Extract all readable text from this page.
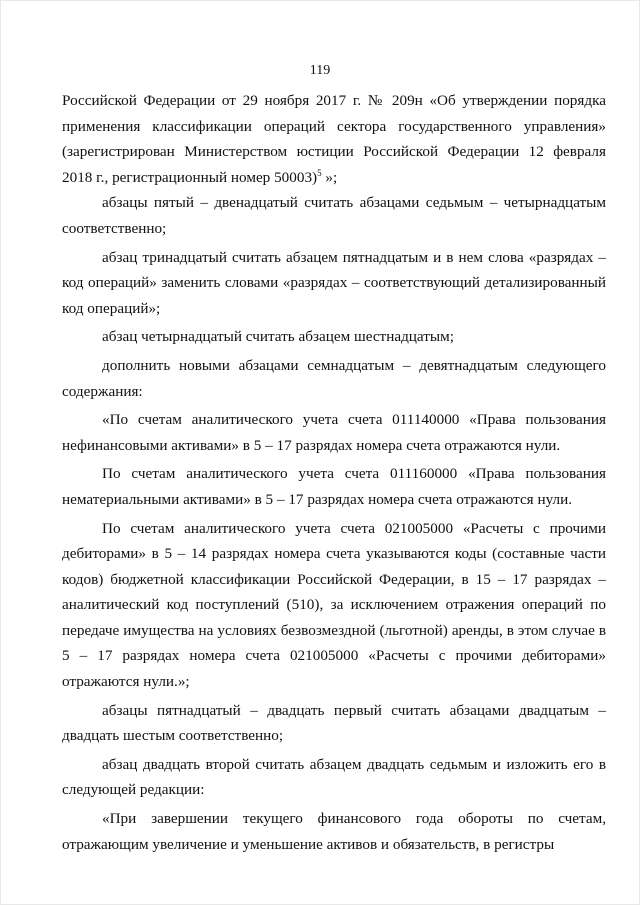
119

Российской Федерации от 29 ноября 2017 г. № 209н «Об утверждении порядка применения классификации операций сектора государственного управления» (зарегистрирован Министерством юстиции Российской Федерации 12 февраля 2018 г., регистрационный номер 50003)$^5$ »;

абзацы пятый – двенадцатый считать абзацами седьмым – четырнадцатым соответственно;

абзац тринадцатый считать абзацем пятнадцатым и в нем слова «разрядах – код операций» заменить словами «разрядах – соответствующий детализированный код операций»;

абзац четырнадцатый считать абзацем шестнадцатым;

дополнить новыми абзацами семнадцатым – девятнадцатым следующего содержания:

«По счетам аналитического учета счета 011140000 «Права пользования нефинансовыми активами» в 5 – 17 разрядах номера счета отражаются нули.

По счетам аналитического учета счета 011160000 «Права пользования нематериальными активами» в 5 – 17 разрядах номера счета отражаются нули.

По счетам аналитического учета счета 021005000 «Расчеты с прочими дебиторами» в 5 – 14 разрядах номера счета указываются коды (составные части кодов) бюджетной классификации Российской Федерации, в 15 – 17 разрядах – аналитический код поступлений (510), за исключением отражения операций по передаче имущества на условиях безвозмездной (льготной) аренды, в этом случае в 5 – 17 разрядах номера счета 021005000 «Расчеты с прочими дебиторами» отражаются нули.»;

абзацы пятнадцатый – двадцать первый считать абзацами двадцатым – двадцать шестым соответственно;

абзац двадцать второй считать абзацем двадцать седьмым и изложить его в следующей редакции:

«При завершении текущего финансового года обороты по счетам, отражающим увеличение и уменьшение активов и обязательств, в регистры
